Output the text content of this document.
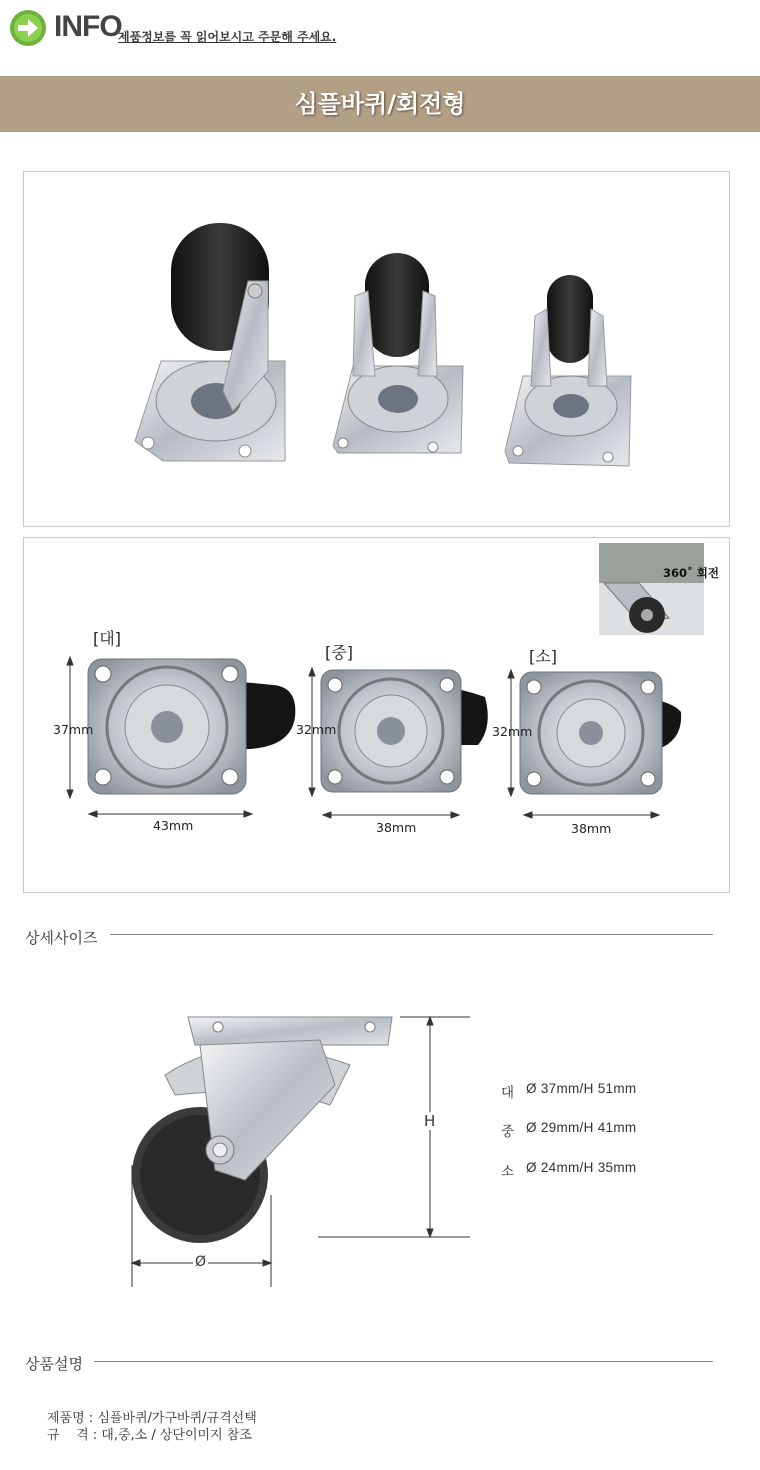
INFO
제품정보를 꼭 읽어보시고 주문해 주세요.
심플바퀴/회전형
360˚ 회전
[대]
[중]	[소]
37mm
43mm
32mm
38mm
32mm
38mm
상세사이즈
H
Ø
대 Ø 37mm/H 51mm
중 Ø 29mm/H 41mm
소 Ø 24mm/H 35mm
상품설명
제품명 : 심플바퀴/가구바퀴/규격선택
규    격 : 대,중,소 / 상단이미지 참조
